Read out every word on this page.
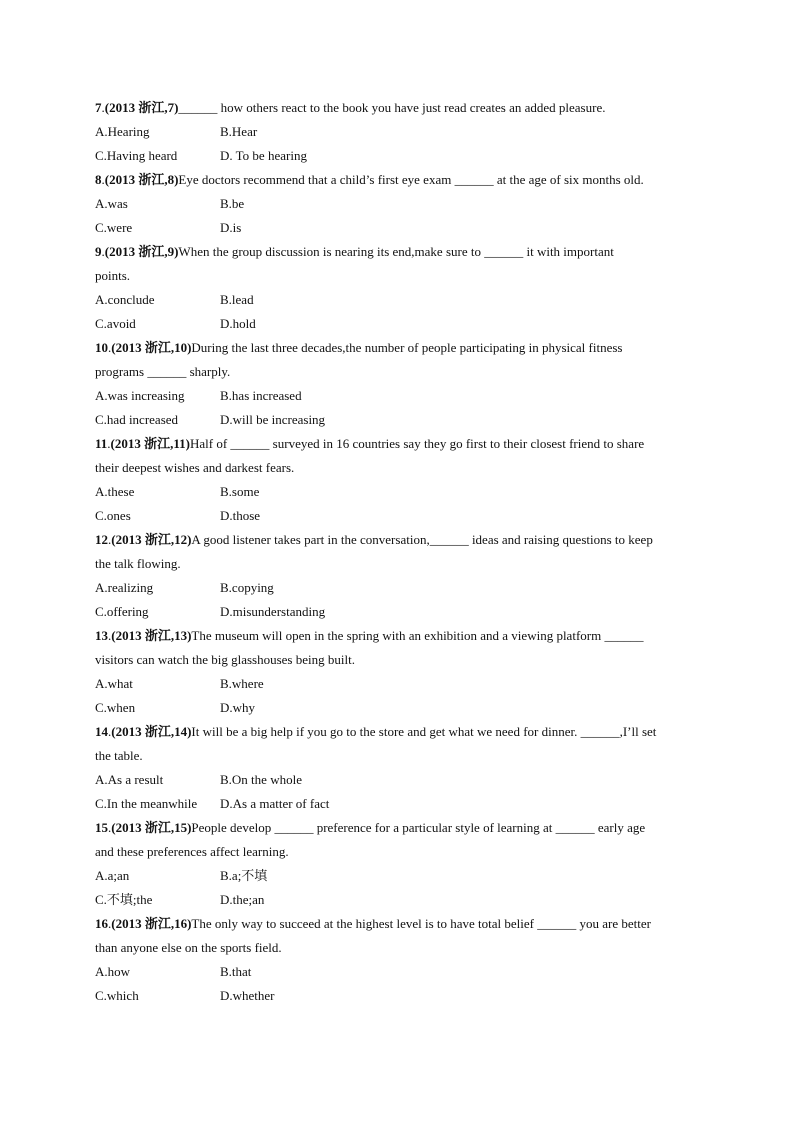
7.(2013 浙江,7)______ how others react to the book you have just read creates an added pleasure.
A.Hearing	B.Hear
C.Having heard	D. To be hearing
8.(2013 浙江,8)Eye doctors recommend that a child’s first eye exam ______ at the age of six months old.
A.was	B.be
C.were	D.is
9.(2013 浙江,9)When the group discussion is nearing its end,make sure to ______ it with important
points.
A.conclude	B.lead
C.avoid	D.hold
10.(2013 浙江,10)During the last three decades,the number of people participating in physical fitness
programs ______ sharply.
A.was increasing	B.has increased
C.had increased	D.will be increasing
11.(2013 浙江,11)Half of ______ surveyed in 16 countries say they go first to their closest friend to share
their deepest wishes and darkest fears.
A.these	B.some
C.ones	D.those
12.(2013 浙江,12)A good listener takes part in the conversation,______ ideas and raising questions to keep
the talk flowing.
A.realizing	B.copying
C.offering	D.misunderstanding
13.(2013 浙江,13)The museum will open in the spring with an exhibition and a viewing platform ______
visitors can watch the big glasshouses being built.
A.what	B.where
C.when	D.why
14.(2013 浙江,14)It will be a big help if you go to the store and get what we need for dinner. ______,I’ll set
the table.
A.As a result	B.On the whole
C.In the meanwhile D.As a matter of fact
15.(2013 浙江,15)People develop ______ preference for a particular style of learning at ______ early age
and these preferences affect learning.
A.a;an	B.a;不填
C.不填;the	D.the;an
16.(2013 浙江,16)The only way to succeed at the highest level is to have total belief ______ you are better
than anyone else on the sports field.
A.how	B.that
C.which	D.whether
